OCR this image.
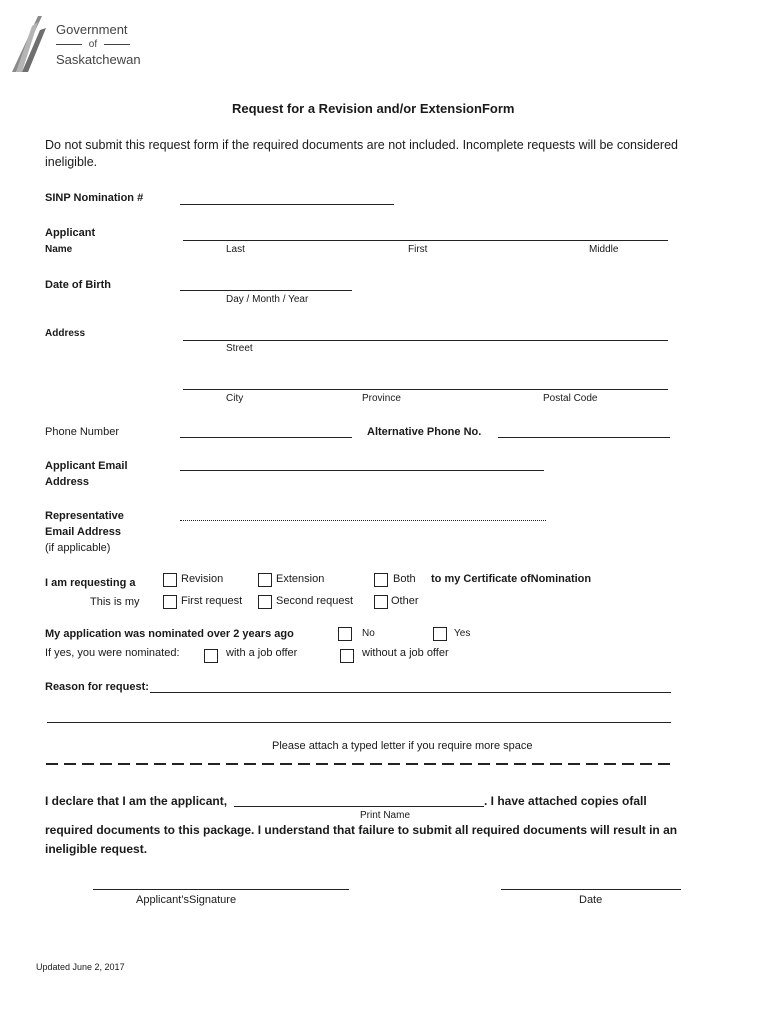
Government
of
Saskatchewan
Request for a Revision and/or ExtensionForm
Do not submit this request form if the required documents are not included. Incomplete requests will be considered ineligible.
SINP Nomination #
Applicant
Name	Last	First	Middle
Date of Birth
Day / Month / Year
Address
Street
City	Province	Postal Code
Phone Number	Alternative Phone No.
Applicant Email
Address
Representative
Email Address
(if applicable)
I am requesting a	Revision	Extension	Both to my Certificate ofNomination
This is my	First request	Second request	Other
My application was nominated over 2 years ago	No	Yes
If yes, you were nominated:	with a job offer	without a job offer
Reason for request:
Please attach a typed letter if you require more space
I declare that I am the applicant,	. I have attached copies ofall
Print Name
required documents to this package. I understand that failure to submit all required documents will result in an
ineligible request.
Applicant’sSignature	Date
Updated June 2, 2017
